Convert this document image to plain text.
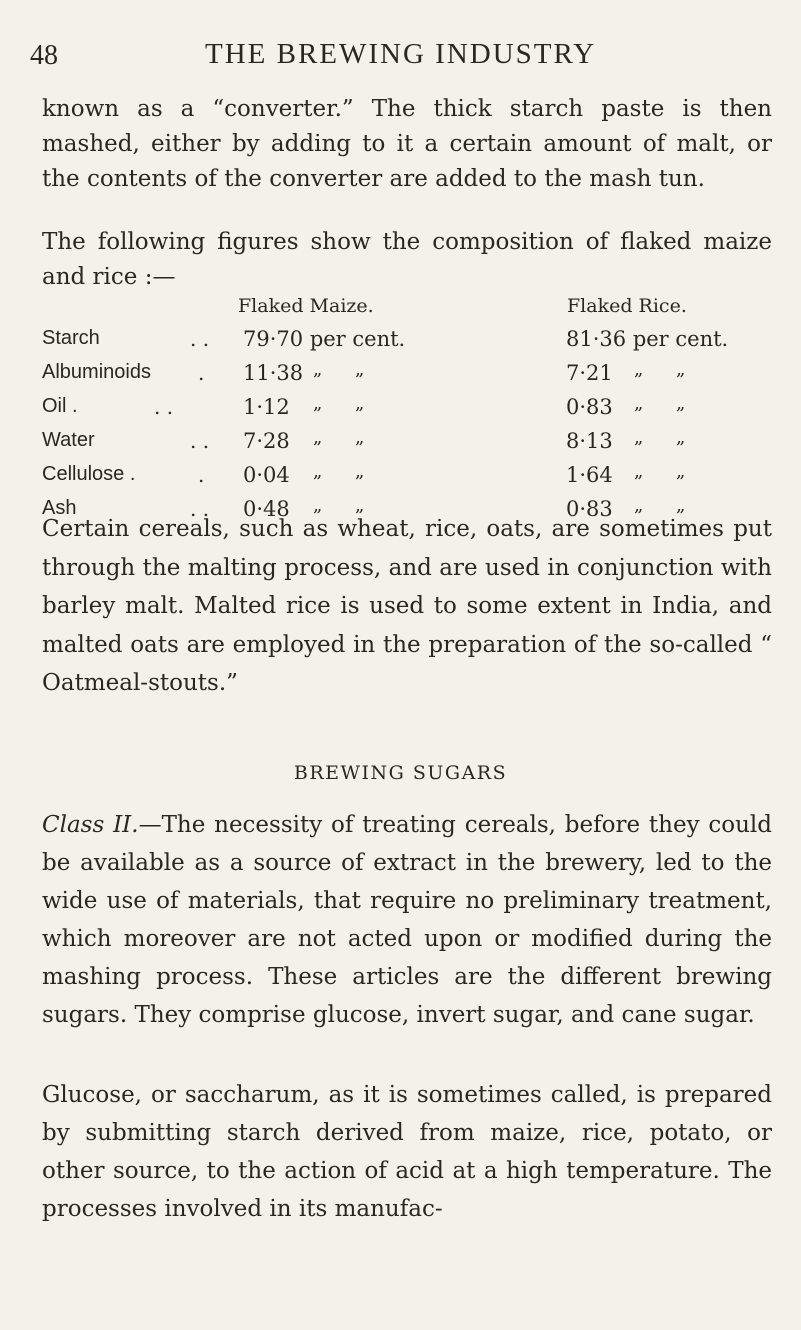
48	THE BREWING INDUSTRY

known as a “converter.” The thick starch paste is then mashed, either by adding to it a certain amount of malt, or the contents of the converter are added to the mash tun.

The following figures show the composition of flaked maize and rice :—

Flaked Maize.	Flaked Rice.
Starch	. . 79·70 per cent.	81·36 per cent.
Albuminoids . 11·38 „ „	7·21 „ „
Oil .	. .	1·12 „ „	0·83 „ „
Water	. . 7·28 „ „	8·13 „ „
Cellulose .	. 0·04 „ „	1·64 „ „
Ash	. . 0·48 „ „	0·83 „ „

Certain cereals, such as wheat, rice, oats, are sometimes put through the malting process, and are used in conjunction with barley malt. Malted rice is used to some extent in India, and malted oats are employed in the preparation of the so-called “ Oatmeal-stouts.”

BREWING SUGARS

Class II.—The necessity of treating cereals, before they could be available as a source of extract in the brewery, led to the wide use of materials, that require no preliminary treatment, which moreover are not acted upon or modified during the mashing process. These articles are the different brewing sugars. They comprise glucose, invert sugar, and cane sugar.

Glucose, or saccharum, as it is sometimes called, is prepared by submitting starch derived from maize, rice, potato, or other source, to the action of acid at a high temperature. The processes involved in its manufac-
